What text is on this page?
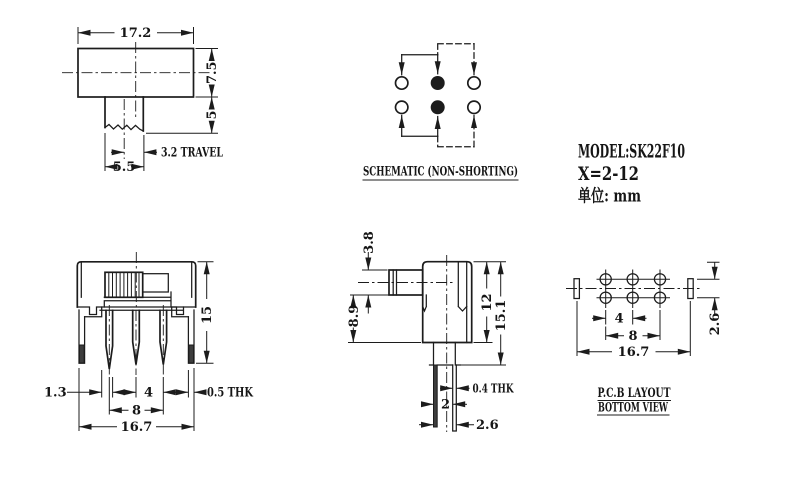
17.2
7.5
5
3.2 TRAVEL
5.5	SCHEMATIC (NON-SHORTING)
MODEL:SK22F10
X=2-12
单位: mm
15
1.3	4
8
16.7
0.5 THK
3.8
8.9
12 15.1
0.4 THK
2
2.6
4
8
16.7
2.6
P.C.B LAYOUT
BOTTOM VIEW
